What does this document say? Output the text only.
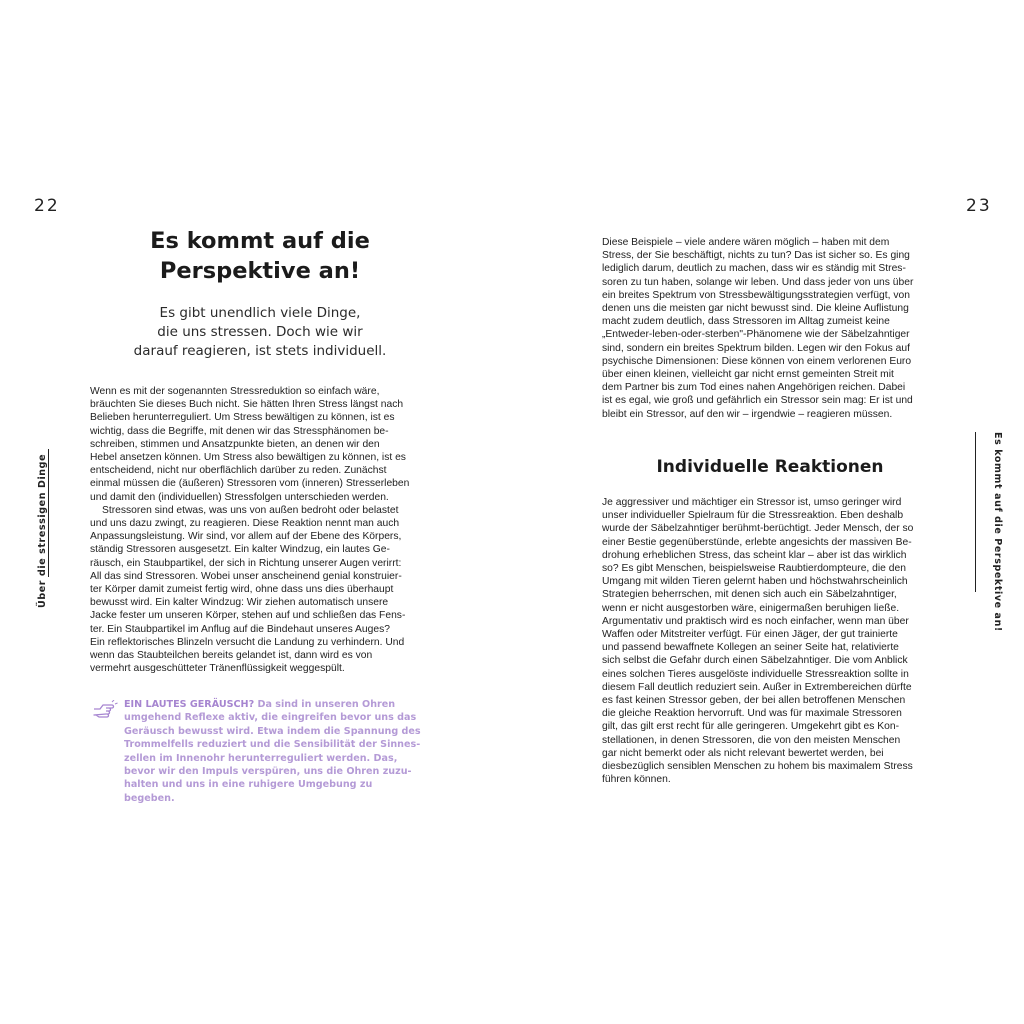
22	23
Über die stressigen Dinge	Es kommt auf die Perspektive an!
Es kommt auf die
Perspektive an!
Es gibt unendlich viele Dinge,
die uns stressen. Doch wie wir
darauf reagieren, ist stets individuell.

Wenn es mit der sogenannten Stressreduktion so einfach wäre,
bräuchten Sie dieses Buch nicht. Sie hätten Ihren Stress längst nach
Belieben herunterreguliert. Um Stress bewältigen zu können, ist es
wichtig, dass die Begriffe, mit denen wir das Stressphänomen be-
schreiben, stimmen und Ansatzpunkte bieten, an denen wir den
Hebel ansetzen können. Um Stress also bewältigen zu können, ist es
entscheidend, nicht nur oberflächlich darüber zu reden. Zunächst
einmal müssen die (äußeren) Stressoren vom (inneren) Stresserleben
und damit den (individuellen) Stressfolgen unterschieden werden.

Stressoren sind etwas, was uns von außen bedroht oder belastet
und uns dazu zwingt, zu reagieren. Diese Reaktion nennt man auch
Anpassungsleistung. Wir sind, vor allem auf der Ebene des Körpers,
ständig Stressoren ausgesetzt. Ein kalter Windzug, ein lautes Ge-
räusch, ein Staubpartikel, der sich in Richtung unserer Augen verirrt:
All das sind Stressoren. Wobei unser anscheinend genial konstruier-
ter Körper damit zumeist fertig wird, ohne dass uns dies überhaupt
bewusst wird. Ein kalter Windzug: Wir ziehen automatisch unsere
Jacke fester um unseren Körper, stehen auf und schließen das Fens-
ter. Ein Staubpartikel im Anflug auf die Bindehaut unseres Auges?
Ein reflektorisches Blinzeln versucht die Landung zu verhindern. Und
wenn das Staubteilchen bereits gelandet ist, dann wird es von
vermehrt ausgeschütteter Tränenflüssigkeit weggespült.

EIN LAUTES GERÄUSCH? Da sind in unseren Ohren
umgehend Reflexe aktiv, die eingreifen bevor uns das
Geräusch bewusst wird. Etwa indem die Spannung des
Trommelfells reduziert und die Sensibilität der Sinnes-
zellen im Innenohr herunterreguliert werden. Das,
bevor wir den Impuls verspüren, uns die Ohren zuzu-
halten und uns in eine ruhigere Umgebung zu begeben.

Diese Beispiele – viele andere wären möglich – haben mit dem
Stress, der Sie beschäftigt, nichts zu tun? Das ist sicher so. Es ging
lediglich darum, deutlich zu machen, dass wir es ständig mit Stres-
soren zu tun haben, solange wir leben. Und dass jeder von uns über
ein breites Spektrum von Stressbewältigungsstrategien verfügt, von
denen uns die meisten gar nicht bewusst sind. Die kleine Auflistung
macht zudem deutlich, dass Stressoren im Alltag zumeist keine
„Entweder-leben-oder-sterben"-Phänomene wie der Säbelzahntiger
sind, sondern ein breites Spektrum bilden. Legen wir den Fokus auf
psychische Dimensionen: Diese können von einem verlorenen Euro
über einen kleinen, vielleicht gar nicht ernst gemeinten Streit mit
dem Partner bis zum Tod eines nahen Angehörigen reichen. Dabei
ist es egal, wie groß und gefährlich ein Stressor sein mag: Er ist und
bleibt ein Stressor, auf den wir – irgendwie – reagieren müssen.

Individuelle Reaktionen

Je aggressiver und mächtiger ein Stressor ist, umso geringer wird
unser individueller Spielraum für die Stressreaktion. Eben deshalb
wurde der Säbelzahntiger berühmt-berüchtigt. Jeder Mensch, der so
einer Bestie gegenüberstünde, erlebte angesichts der massiven Be-
drohung erheblichen Stress, das scheint klar – aber ist das wirklich
so? Es gibt Menschen, beispielsweise Raubtierdompteure, die den
Umgang mit wilden Tieren gelernt haben und höchstwahrscheinlich
Strategien beherrschen, mit denen sich auch ein Säbelzahntiger,
wenn er nicht ausgestorben wäre, einigermaßen beruhigen ließe.
Argumentativ und praktisch wird es noch einfacher, wenn man über
Waffen oder Mitstreiter verfügt. Für einen Jäger, der gut trainierte
und passend bewaffnete Kollegen an seiner Seite hat, relativierte
sich selbst die Gefahr durch einen Säbelzahntiger. Die vom Anblick
eines solchen Tieres ausgelöste individuelle Stressreaktion sollte in
diesem Fall deutlich reduziert sein. Außer in Extrembereichen dürfte
es fast keinen Stressor geben, der bei allen betroffenen Menschen
die gleiche Reaktion hervorruft. Und was für maximale Stressoren
gilt, das gilt erst recht für alle geringeren. Umgekehrt gibt es Kon-
stellationen, in denen Stressoren, die von den meisten Menschen
gar nicht bemerkt oder als nicht relevant bewertet werden, bei
diesbezüglich sensiblen Menschen zu hohem bis maximalem Stress
führen können.
